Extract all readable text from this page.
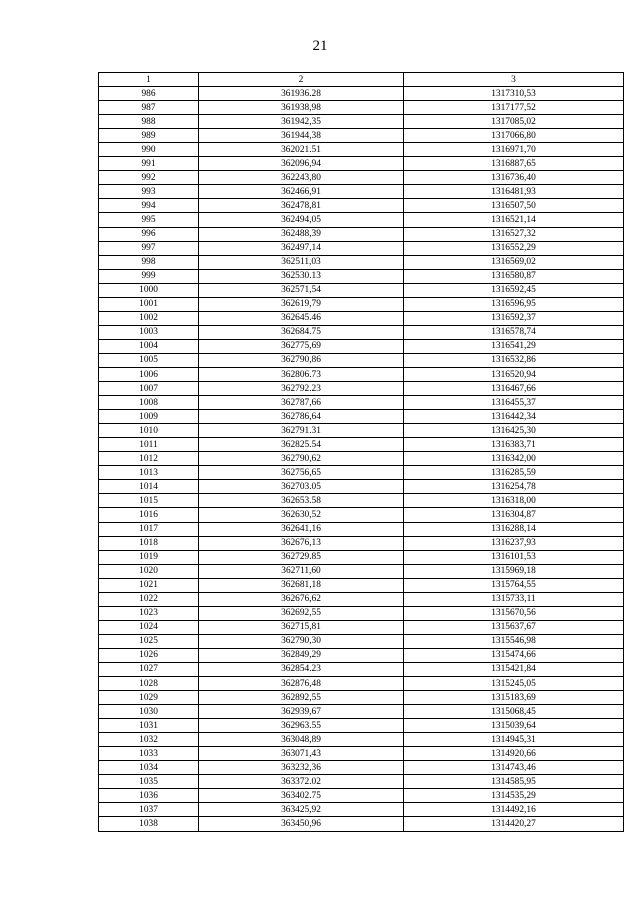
21
1	2	3
986	361936.28	1317310,53
987	361938,98	1317177,52
988	361942,35	1317085,02
989	361944,38	1317066,80
990	362021.51	1316971,70
991	362096,94	1316887,65
992	362243,80	1316736,40
993	362466,91	1316481,93
994	362478,81	1316507,50
995	362494,05	1316521,14
996	362488,39	1316527,32
997	362497,14	1316552,29
998	362511,03	1316569,02
999	362530.13	1316580,87
1000	362571,54	1316592,45
1001	362619,79	1316596,95
1002	362645.46	1316592,37
1003	362684.75	1316578,74
1004	362775,69	1316541,29
1005	362790,86	1316532,86
1006	362806.73	1316520,94
1007	362792.23	1316467,66
1008	362787,66	1316455,37
1009	362786,64	1316442,34
1010	362791.31	1316425,30
1011	362825.54	1316383,71
1012	362790,62	1316342,00
1013	362756,65	1316285,59
1014	362703.05	1316254,78
1015	362653.58	1316318,00
1016	362630,52	1316304,87
1017	362641,16	1316288,14
1018	362676,13	1316237,93
1019	362729.85	1316101,53
1020	362711,60	1315969,18
1021	362681,18	1315764,55
1022	362676,62	1315733,11
1023	362692,55	1315670,56
1024	362715,81	1315637,67
1025	362790,30	1315546,98
1026	362849,29	1315474,66
1027	362854.23	1315421,84
1028	362876,48	1315245,05
1029	362892,55	1315183,69
1030	362939,67	1315068,45
1031	362963.55	1315039,64
1032	363048,89	1314945,31
1033	363071,43	1314920,66
1034	363232,36	1314743,46
1035	363372.02	1314585,95
1036	363402.75	1314535,29
1037	363425,92	1314492,16
1038	363450,96	1314420,27
